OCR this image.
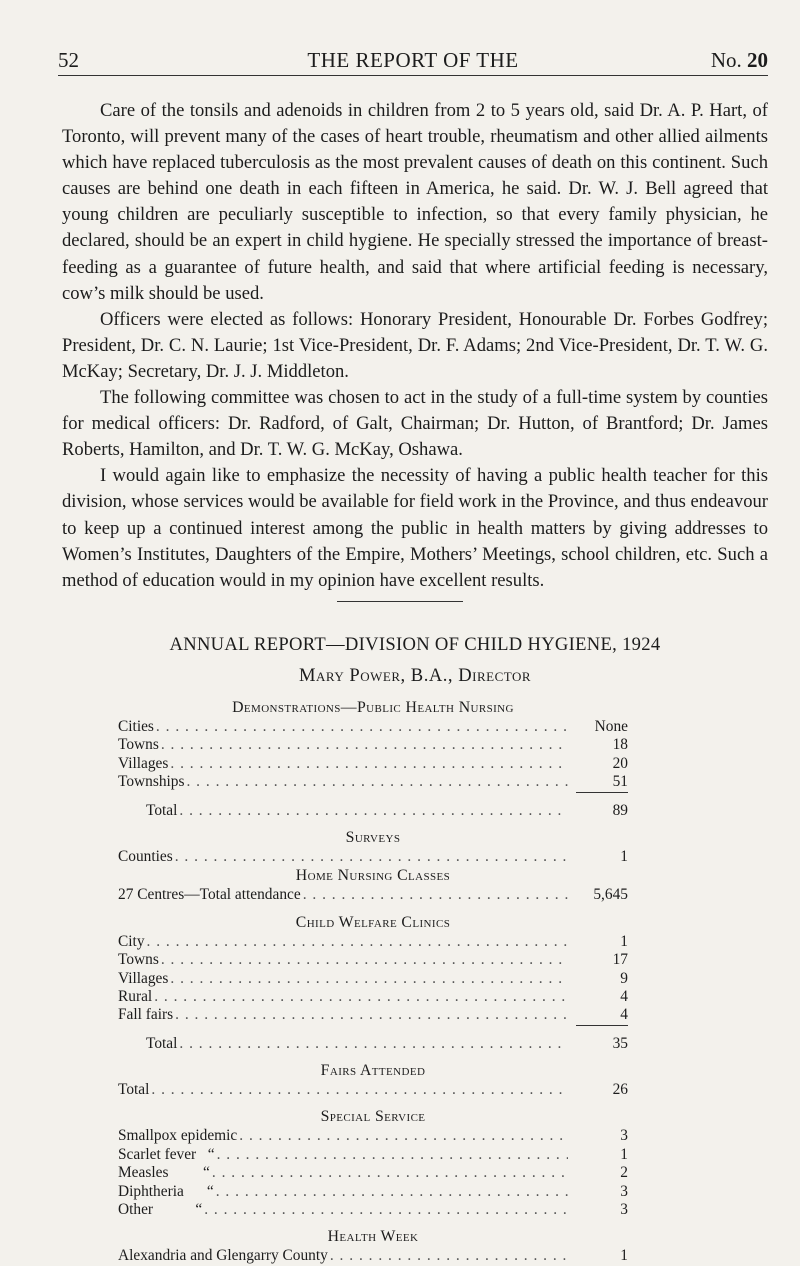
52	THE REPORT OF THE	No. 20

Care of the tonsils and adenoids in children from 2 to 5 years old, said Dr. A. P. Hart, of Toronto, will prevent many of the cases of heart trouble, rheumatism and other allied ailments which have replaced tuberculosis as the most prevalent causes of death on this continent. Such causes are behind one death in each fifteen in America, he said. Dr. W. J. Bell agreed that young children are peculiarly susceptible to infection, so that every family physician, he declared, should be an expert in child hygiene. He specially stressed the importance of breast-feeding as a guarantee of future health, and said that where artificial feeding is necessary, cow’s milk should be used.

Officers were elected as follows: Honorary President, Honourable Dr. Forbes Godfrey; President, Dr. C. N. Laurie; 1st Vice-President, Dr. F. Adams; 2nd Vice-President, Dr. T. W. G. McKay; Secretary, Dr. J. J. Middleton.

The following committee was chosen to act in the study of a full-time system by counties for medical officers: Dr. Radford, of Galt, Chairman; Dr. Hutton, of Brantford; Dr. James Roberts, Hamilton, and Dr. T. W. G. McKay, Oshawa.

I would again like to emphasize the necessity of having a public health teacher for this division, whose services would be available for field work in the Province, and thus endeavour to keep up a continued interest among the public in health matters by giving addresses to Women’s Institutes, Daughters of the Empire, Mothers’ Meetings, school children, etc. Such a method of education would in my opinion have excellent results.

ANNUAL REPORT—DIVISION OF CHILD HYGIENE, 1924
Mary Power, B.A., Director
Demonstrations—Public Health Nursing
Cities . . .	None
Towns . . .	18
Villages . . .	20
Townships . . .	51
Total . . .	89
Surveys
Counties . . .	1
Home Nursing Classes
27 Centres—Total attendance . . .	5,645
Child Welfare Clinics
City . . .	1
Towns . . .	17
Villages . . .	9
Rural . . .	4
Fall fairs . . .	4
Total . . .	35
Fairs Attended
Total . . .	26
Special Service
Smallpox epidemic . . .	3
Scarlet fever   “ . . .	1
Measles         “ . . .	2
Diphtheria      “ . . .	3
Other           “ . . .	3
Health Week
Alexandria and Glengarry County . . .	1
